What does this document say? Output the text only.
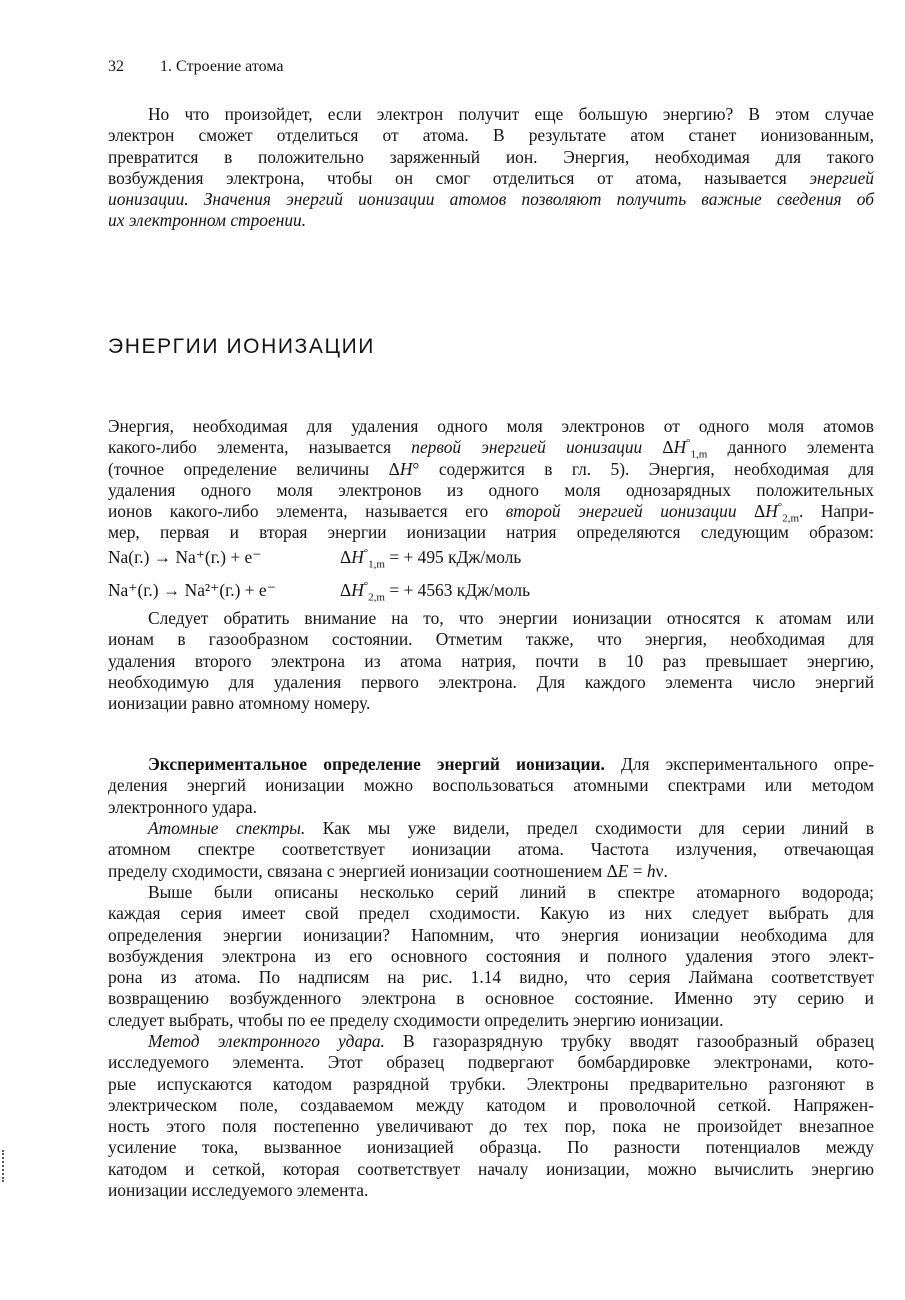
32 1. Строение атома
Но что произойдет, если электрон получит еще большую энергию? В этом случае
электрон сможет отделиться от атома. В результате атом станет ионизованным,
превратится в положительно заряженный ион. Энергия, необходимая для такого
возбуждения электрона, чтобы он смог отделиться от атома, называется энергией
ионизации. Значения энергий ионизации атомов позволяют получить важные сведения об
их электронном строении.
ЭНЕРГИИ ИОНИЗАЦИИ
Энергия, необходимая для удаления одного моля электронов от одного моля атомов
какого-либо элемента, называется первой энергией ионизации $\Delta H^\circ_{1,m}$ данного элемента
(точное определение величины ΔH° содержится в гл. 5). Энергия, необходимая для
удаления одного моля электронов из одного моля однозарядных положительных
ионов какого-либо элемента, называется его второй энергией ионизации $\Delta H^\circ_{2,m}$. Напри-
мер, первая и вторая энергии ионизации натрия определяются следующим образом:
Na(г.) → Na⁺(г.) + e⁻	$\Delta H^\circ_{1,m}$ = + 495 кДж/моль
Na⁺(г.) → Na²⁺(г.) + e⁻	$\Delta H^\circ_{2,m}$ = + 4563 кДж/моль
Следует обратить внимание на то, что энергии ионизации относятся к атомам или
ионам в газообразном состоянии. Отметим также, что энергия, необходимая для
удаления второго электрона из атома натрия, почти в 10 раз превышает энергию,
необходимую для удаления первого электрона. Для каждого элемента число энергий
ионизации равно атомному номеру.
Экспериментальное определение энергий ионизации. Для экспериментального опре-
деления энергий ионизации можно воспользоваться атомными спектрами или методом
электронного удара.
Атомные спектры. Как мы уже видели, предел сходимости для серии линий в
атомном спектре соответствует ионизации атома. Частота излучения, отвечающая
пределу сходимости, связана с энергией ионизации соотношением ΔE = hν.
Выше были описаны несколько серий линий в спектре атомарного водорода;
каждая серия имеет свой предел сходимости. Какую из них следует выбрать для
определения энергии ионизации? Напомним, что энергия ионизации необходима для
возбуждения электрона из его основного состояния и полного удаления этого элект-
рона из атома. По надписям на рис. 1.14 видно, что серия Лаймана соответствует
возвращению возбужденного электрона в основное состояние. Именно эту серию и
следует выбрать, чтобы по ее пределу сходимости определить энергию ионизации.
Метод электронного удара. В газоразрядную трубку вводят газообразный образец
исследуемого элемента. Этот образец подвергают бомбардировке электронами, кото-
рые испускаются катодом разрядной трубки. Электроны предварительно разгоняют в
электрическом поле, создаваемом между катодом и проволочной сеткой. Напряжен-
ность этого поля постепенно увеличивают до тех пор, пока не произойдет внезапное
усиление тока, вызванное ионизацией образца. По разности потенциалов между
катодом и сеткой, которая соответствует началу ионизации, можно вычислить энергию
ионизации исследуемого элемента.
